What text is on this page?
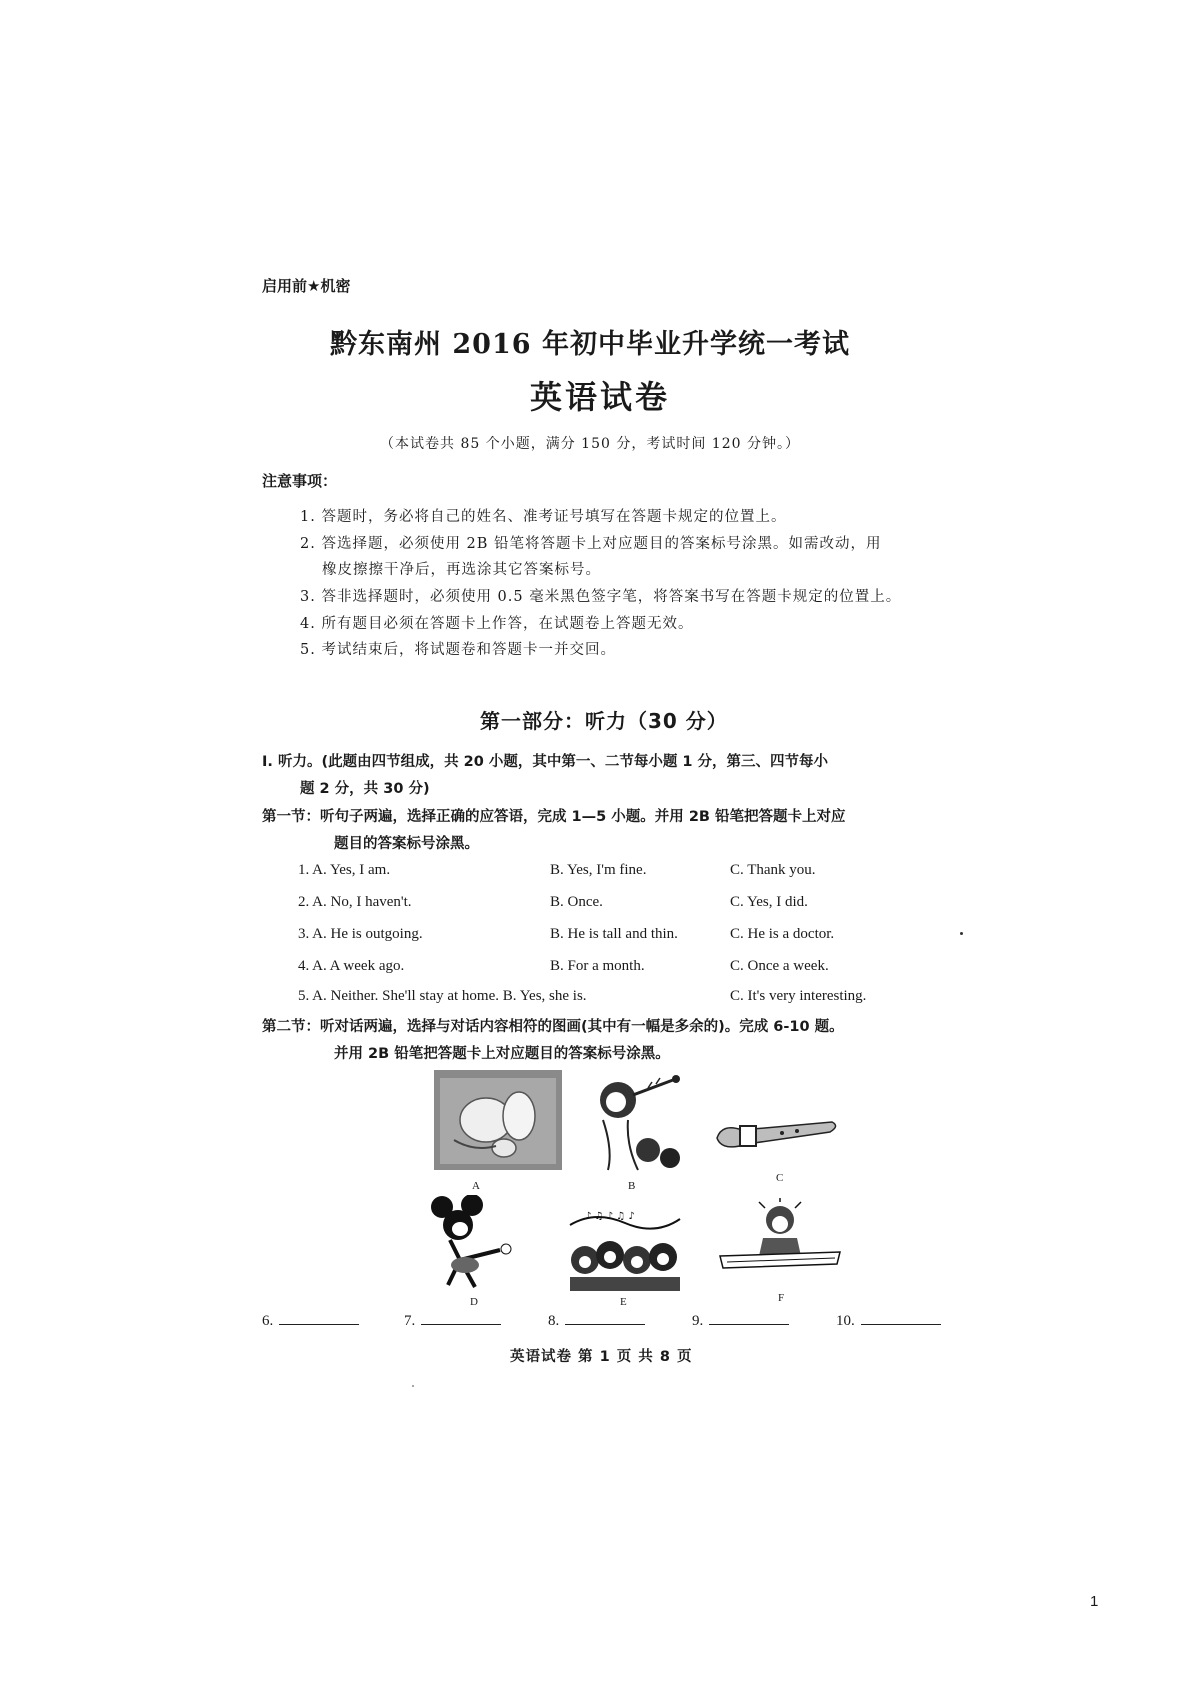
启用前★机密
黔东南州 2016 年初中毕业升学统一考试
英语试卷
（本试卷共 85 个小题，满分 150 分，考试时间 120 分钟。）
注意事项：
1. 答题时，务必将自己的姓名、准考证号填写在答题卡规定的位置上。
2. 答选择题，必须使用 2B 铅笔将答题卡上对应题目的答案标号涂黑。如需改动，用
橡皮擦擦干净后，再选涂其它答案标号。
3. 答非选择题时，必须使用 0.5 毫米黑色签字笔，将答案书写在答题卡规定的位置上。
4. 所有题目必须在答题卡上作答，在试题卷上答题无效。
5. 考试结束后，将试题卷和答题卡一并交回。
第一部分：听力（30 分）
Ⅰ. 听力。(此题由四节组成，共 20 小题，其中第一、二节每小题 1 分，第三、四节每小
题 2 分，共 30 分)
第一节：听句子两遍，选择正确的应答语，完成 1—5 小题。并用 2B 铅笔把答题卡上对应
题目的答案标号涂黑。
1. A. Yes, I am.	B. Yes, I'm fine.	C. Thank you.
2. A. No, I haven't.	B. Once.	C. Yes, I did.
3. A. He is outgoing.	B. He is tall and thin.	C. He is a doctor.
4. A. A week ago.	B. For a month.	C. Once a week.
5. A. Neither. She'll stay at home. B. Yes, she is.	C. It's very interesting.
第二节：听对话两遍，选择与对话内容相符的图画(其中有一幅是多余的)。完成 6-10 题。
并用 2B 铅笔把答题卡上对应题目的答案标号涂黑。
A	B
C
D
♪ ♫ ♪ ♫ ♪
E	F
6.	7.	8.	9.	10.
英语试卷 第 1 页 共 8 页
1
